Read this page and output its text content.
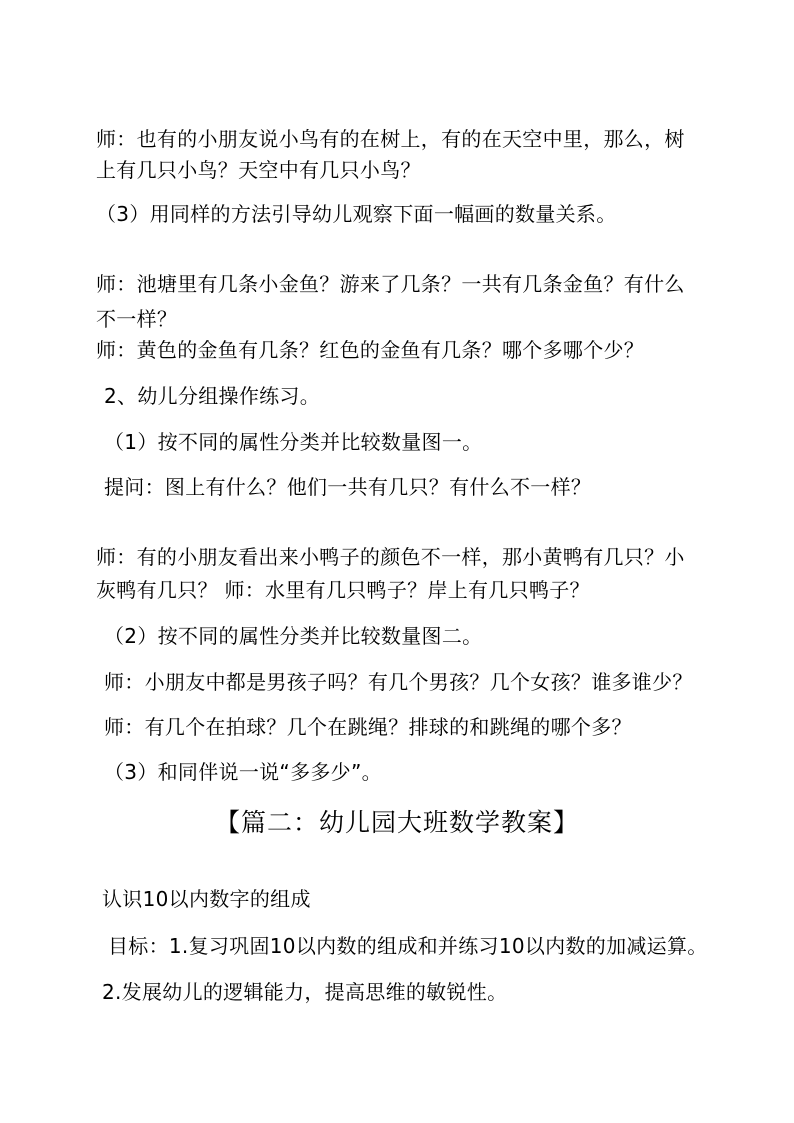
师：也有的小朋友说小鸟有的在树上，有的在天空中里，那么，树
上有几只小鸟？天空中有几只小鸟？
（3）用同样的方法引导幼儿观察下面一幅画的数量关系。
师：池塘里有几条小金鱼？游来了几条？一共有几条金鱼？有什么
不一样？
师：黄色的金鱼有几条？红色的金鱼有几条？哪个多哪个少？
2、幼儿分组操作练习。
（1）按不同的属性分类并比较数量图一。
提问：图上有什么？他们一共有几只？有什么不一样？
师：有的小朋友看出来小鸭子的颜色不一样，那小黄鸭有几只？小
灰鸭有几只？ 师：水里有几只鸭子？岸上有几只鸭子？
（2）按不同的属性分类并比较数量图二。
师：小朋友中都是男孩子吗？有几个男孩？几个女孩？谁多谁少？
师：有几个在拍球？几个在跳绳？排球的和跳绳的哪个多？
（3）和同伴说一说“多多少”。
【篇二：幼儿园大班数学教案】
认识10以内数字的组成
目标：1.复习巩固10以内数的组成和并练习10以内数的加减运算。
2.发展幼儿的逻辑能力，提高思维的敏锐性。
